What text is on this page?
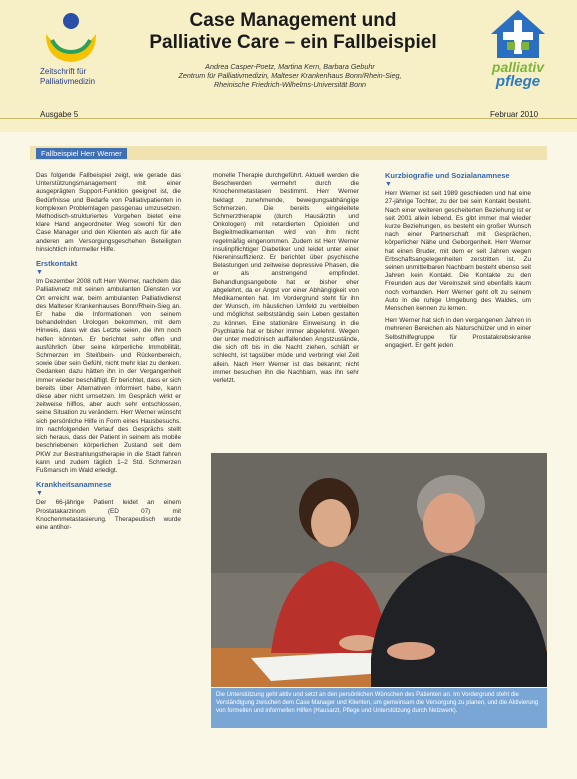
Zeitschrift für
Palliativmedizin
Case Management und
Palliative Care – ein Fallbeispiel
Andrea Casper-Poetz, Martina Kern, Barbara Gebuhr
Zentrum für Palliativmedizin, Malteser Krankenhaus Bonn/Rhein-Sieg,
Rheinische Friedrich-Wilhelms-Universität Bonn
palliativ
pflege
Ausgabe 5	Februar 2010
Fallbeispiel Herr Werner

Das folgende Fallbeispiel zeigt, wie gerade das Unterstützungsmanagement mit einer ausgeprägten Support-Funktion geeignet ist, die Bedürfnisse und Bedarfe von Palliativpatienten in komplexen Problemlagen passgenau umzusetzen. Methodisch-strukturiertes Vorgehen bietet eine klare Hand angeordneter Weg sowohl für den Case Manager und den Klienten als auch für alle anderen am Versorgungsgeschehen Beteiligten hinsichtlich informeller Hilfe.

Erstkontakt
▼

Im Dezember 2008 ruft Herr Werner, nachdem das Palliativnetz mit seinen ambulanten Diensten vor Ort erreicht war, beim ambulanten Palliativdienst des Malteser Krankenhauses Bonn/Rhein-Sieg an. Er habe die Informationen von seinem behandelnden Urologen bekommen, mit dem Hinweis, dass wir das Letzte seien, die ihm noch helfen könnten. Er berichtet sehr offen und ausführlich über seine körperliche Immobilität, Schmerzen im Steißbein- und Rückenbereich, sowie über sein Gefühl, nicht mehr klar zu denken. Gedanken dazu hätten ihn in der Vergangenheit immer wieder beschäftigt. Er berichtet, dass er sich bereits über Alternativen informiert habe, kann diese aber nicht umsetzen. Im Gespräch wirkt er zeitweise hilflos, aber auch sehr entschlossen, seine Situation zu verändern. Herr Werner wünscht sich persönliche Hilfe in Form eines Hausbesuchs. Im nachfolgenden Verlauf des Gesprächs stellt sich heraus, dass der Patient in seinem als mobile beschriebenen körperlichen Zustand seit dem PKW zur Bestrahlungstherapie in die Stadt fahren kann und zudem täglich 1–2 Std. Schmerzen Fußmarsch im Wald erledigt.

Krankheitsanamnese
▼

Der 66-jährige Patient leidet an einem Prostatakarzinom (ED 07) mit Knochenmetastasierung. Therapeutisch wurde eine antihor-

monelle Therapie durchgeführt. Aktuell werden die Beschwerden vermehrt durch die Knochenmetastasen bestimmt. Herr Werner beklagt zunehmende, bewegungsabhängige Schmerzen. Die bereits eingeleitete Schmerztherapie (durch Hausärztin und Onkologen) mit retardierten Opioiden und Begleitmedikamenten wird von ihm nicht regelmäßig eingenommen. Zudem ist Herr Werner insulinpflichtiger Diabetiker und leidet unter einer Niereninsuffizienz. Er berichtet über psychische Belastungen und zeitweise depressive Phasen, die er als anstrengend empfindet. Behandlungsangebote hat er bisher eher abgelehnt, da er Angst vor einer Abhängigkeit von Medikamenten hat. Im Vordergrund steht für ihn der Wunsch, im häuslichen Umfeld zu verbleiben und möglichst selbstständig sein Leben gestalten zu können. Eine stationäre Einweisung in die Psychiatrie hat er bisher immer abgelehnt. Wegen der unter medizinisch auffallenden Angstzustände, die sich oft bis in die Nacht ziehen, schläft er schlecht, ist tagsüber müde und verbringt viel Zeit allein. Nach Herr Werner ist das bekannt; nicht immer besuchen ihn die Nachbarn, was ihn sehr verletzt.

Kurzbiografie und Sozialanamnese
▼

Herr Werner ist seit 1989 geschieden und hat eine 27-jährige Tochter, zu der bei sein Kontakt besteht. Nach einer weiteren gescheiterten Beziehung ist er seit 2001 allein lebend. Es gibt immer mal wieder kurze Beziehungen, es besteht ein großer Wunsch nach einer Partnerschaft mit Gesprächen, körperlicher Nähe und Geborgenheit. Herr Werner hat einen Bruder, mit dem er seit Jahren wegen Erbschaftsangelegenheiten zerstritten ist. Zu seinen unmittelbaren Nachbarn besteht ebenso seit Jahren kein Kontakt. Die Kontakte zu den Freunden aus der Vereinszeit sind ebenfalls kaum noch vorhanden. Herr Werner geht oft zu seinem Auto in die ruhige Umgebung des Waldes, um Menschen kennen zu lernen.

Herr Werner hat sich in den vergangenen Jahren in mehreren Bereichen als Naturschützer und in einer Selbsthilfegruppe für Prostatakrebskranke engagiert. Er geht jeden

Die Unterstützung geht aktiv und setzt an den persönlichen Wünschen des Patienten an. Im Vordergrund steht die Verständigung zwischen dem Case Manager und Klienten, um gemeinsam die Versorgung zu planen, und die Aktivierung von formellen und informellen Hilfen (Hausarzt, Pflege und Unterstützung durch Netzwerk).
